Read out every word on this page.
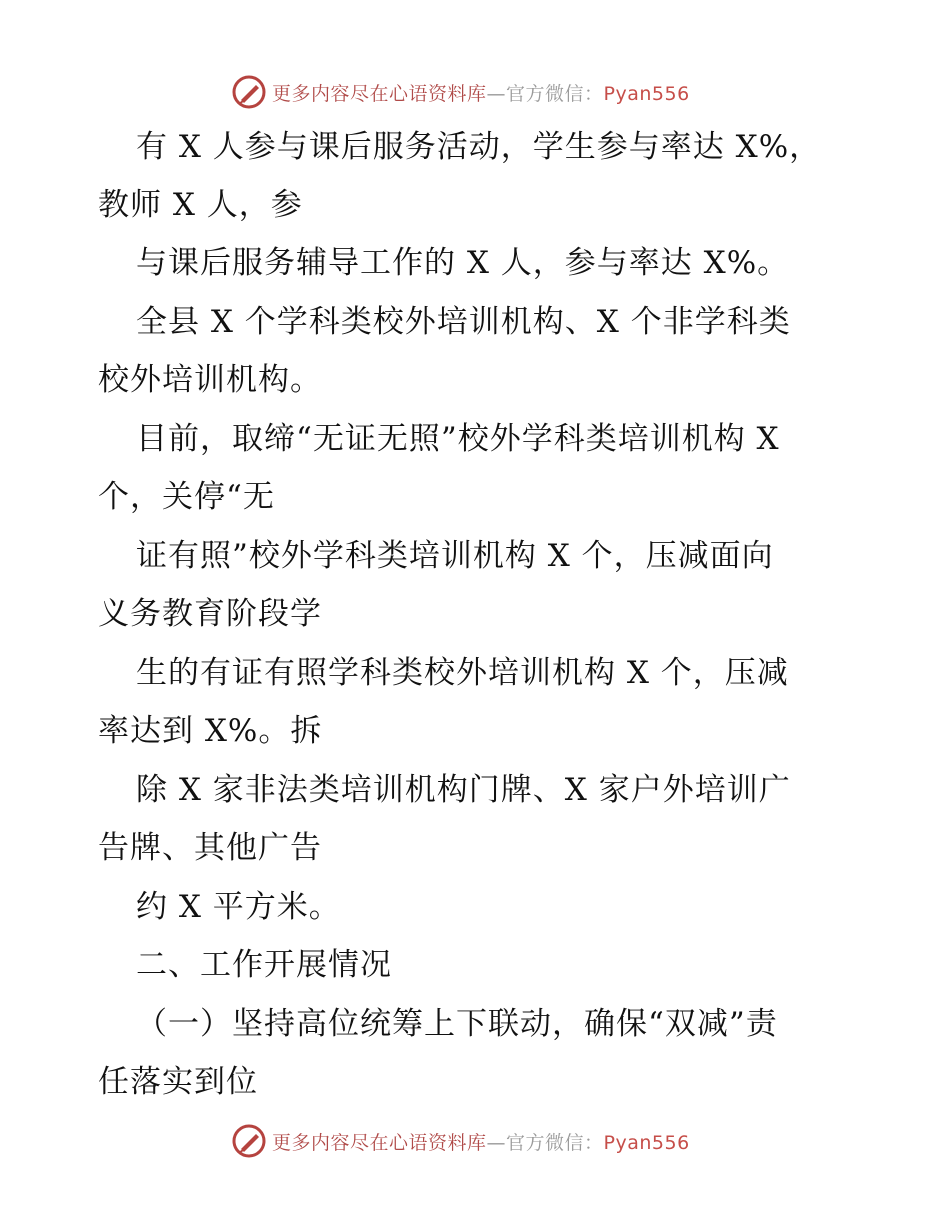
更多内容尽在心语资料库—官方微信：Pyan556
有 X 人参与课后服务活动，学生参与率达 X%，
教师 X 人，参
与课后服务辅导工作的 X 人，参与率达 X%。
全县 X 个学科类校外培训机构、X 个非学科类
校外培训机构。
目前，取缔“无证无照”校外学科类培训机构 X
个，关停“无
证有照”校外学科类培训机构 X 个，压减面向
义务教育阶段学
生的有证有照学科类校外培训机构 X 个，压减
率达到 X%。拆
除 X 家非法类培训机构门牌、X 家户外培训广
告牌、其他广告
约 X 平方米。
二、工作开展情况
（一）坚持高位统筹上下联动，确保“双减”责
任落实到位
更多内容尽在心语资料库—官方微信：Pyan556
